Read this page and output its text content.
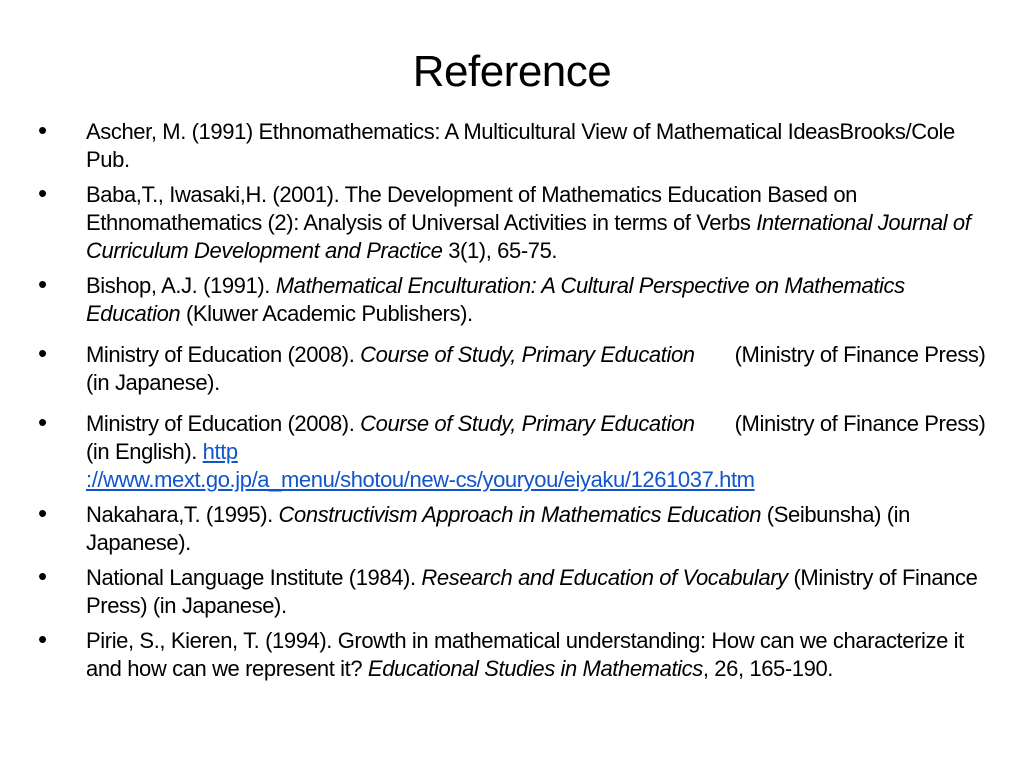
Reference
• Ascher, M. (1991) Ethnomathematics: A Multicultural View of Mathematical IdeasBrooks/Cole Pub.
• Baba,T., Iwasaki,H. (2001). The Development of Mathematics Education Based on Ethnomathematics (2): Analysis of Universal Activities in terms of Verbs International Journal of Curriculum Development and Practice 3(1), 65-75.
• Bishop, A.J. (1991). Mathematical Enculturation: A Cultural Perspective on Mathematics Education (Kluwer Academic Publishers).
• Ministry of Education (2008). Course of Study, Primary Education (Ministry of Finance Press) (in Japanese).
• Ministry of Education (2008). Course of Study, Primary Education (Ministry of Finance Press) (in English). http
://www.mext.go.jp/a_menu/shotou/new-cs/youryou/eiyaku/1261037.htm
• Nakahara,T. (1995). Constructivism Approach in Mathematics Education (Seibunsha) (in Japanese).
• National Language Institute (1984). Research and Education of Vocabulary (Ministry of Finance Press) (in Japanese).
• Pirie, S., Kieren, T. (1994). Growth in mathematical understanding: How can we characterize it and how can we represent it? Educational Studies in Mathematics, 26, 165-190.
